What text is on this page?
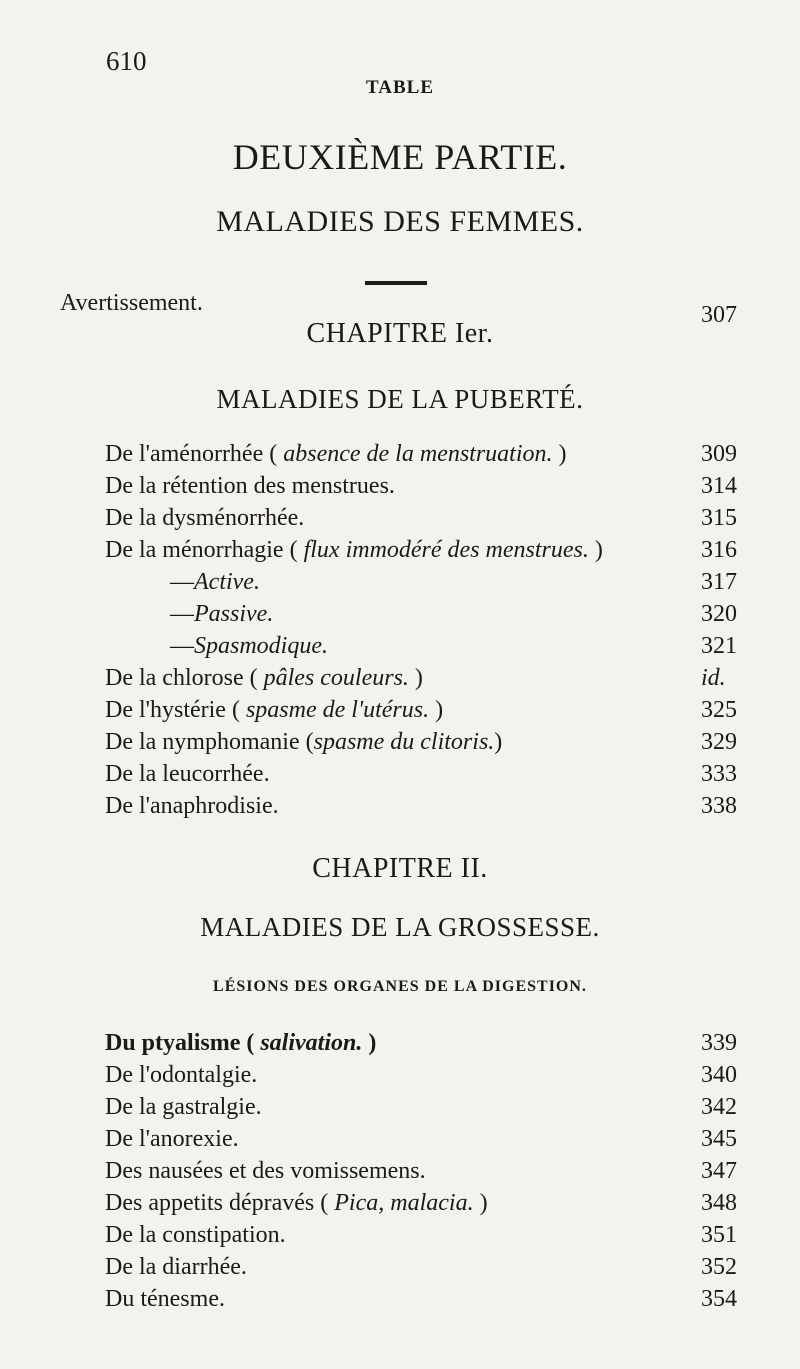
610
TABLE
DEUXIÈME PARTIE.
MALADIES DES FEMMES.
Avertissement.	307
CHAPITRE Ier.
MALADIES DE LA PUBERTÉ.
De l'aménorrhée ( absence de la menstruation. )	309
De la rétention des menstrues.	314
De la dysménorrhée.	315
De la ménorrhagie ( flux immodéré des menstrues. )	316
—Active.	317
—Passive.	320
—Spasmodique.	321
De la chlorose ( pâles couleurs. )	id.
De l'hystérie ( spasme de l'utérus. )	325
De la nymphomanie (spasme du clitoris.)	329
De la leucorrhée.	333
De l'anaphrodisie.	338
CHAPITRE II.
MALADIES DE LA GROSSESSE.
LÉSIONS DES ORGANES DE LA DIGESTION.
Du ptyalisme ( salivation. )	339
De l'odontalgie.	340
De la gastralgie.	342
De l'anorexie.	345
Des nausées et des vomissemens.	347
Des appetits dépravés ( Pica, malacia. )	348
De la constipation.	351
De la diarrhée.	352
Du ténesme.	354
